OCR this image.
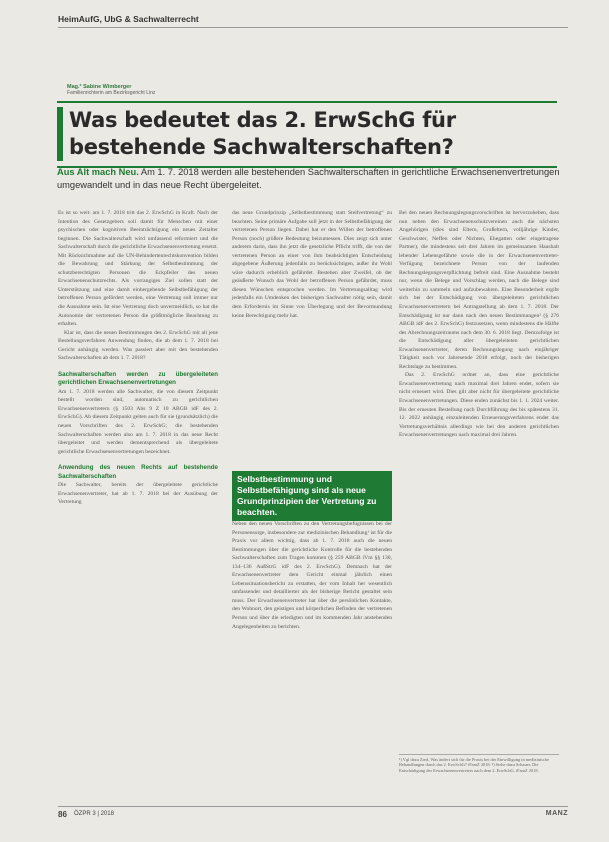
HeimAufG, UbG & Sachwalterrecht
Mag.ª Sabine Wimberger
Familienrichterin am Bezirksgericht Linz
Was bedeutet das 2. ErwSchG für bestehende Sachwalterschaften?
Aus Alt mach Neu. Am 1. 7. 2018 werden alle bestehenden Sachwalterschaften in gerichtliche Erwachsenenvertretungen umgewandelt und in das neue Recht übergeleitet.

Es ist so weit: am 1. 7. 2018 tritt das 2. ErwSchG in Kraft. Nach der Intention des Gesetzgebers soll damit für Menschen mit einer psychischen oder kognitiven Beeinträchtigung ein neues Zeitalter beginnen. Die Sachwalterschaft wird umfassend reformiert und die Sachwalterschaft durch die gerichtliche Erwachsenenvertretung ersetzt. Mit Rücksichtnahme auf die UN-Behindertenrechtskonvention bilden die Bewahrung und Stärkung der Selbstbestimmung der schutzberechtigten Personen die Eckpfeiler des neuen Erwachsenenschutzrechts. Als vorrangiges Ziel sollen statt der Unterstützung und eine damit einhergehende Selbstbefähigung der betroffenen Person gefördert werden, eine Vertretung soll immer nur die Ausnahme sein. Ist eine Vertretung doch unvermeidlich, so hat die Autonomie der vertretenen Person die größtmögliche Beachtung zu erhalten.

Klar ist, dass die neuen Bestimmungen des 2. ErwSchG mit all jene Bestellungsverfahren Anwendung finden, die ab dem 1. 7. 2018 bei Gericht anhängig werden. Was passiert aber mit den bestehenden Sachwalterschaften ab dem 1. 7. 2018?

Sachwalterschaften werden zu übergeleiteten gerichtlichen Erwachsenenvertretungen

Am 1. 7. 2018 werden alle Sachwalter, die von diesem Zeitpunkt bestellt worden sind, automatisch zu gerichtlichen Erwachsenenvertretern (§ 1503 Abs 9 Z 10 ABGB idF des 2. ErwSchG). Ab diesem Zeitpunkt gelten auch für sie (grundsätzlich) die neuen Vorschriften des 2. ErwSchG; die bestehenden Sachwalterschaften werden also am 1. 7. 2018 in das neue Recht übergeleitet und werden dementsprechend als übergeleitete gerichtliche Erwachsenenvertretungen bezeichnet.

Anwendung des neuen Rechts auf bestehende Sachwalterschaften

Die Sachwalter, bereits der übergeleitete gerichtliche Erwachsenenvertreter, hat ab 1. 7. 2018 bei der Ausübung der Vertretung

das neue Grundprinzip „Selbstbestimmung statt Stellvertretung“ zu beachten. Seine primäre Aufgabe soll jetzt in der Selbstbefähigung der vertretenen Person liegen. Dabei hat er den Willen der betroffenen Person (noch) größere Bedeutung beizumessen. Dies zeigt sich unter anderem darin, dass ihn jetzt die gesetzliche Pflicht trifft, die von der vertretenen Person an einer von ihm beabsichtigten Entscheidung abgegebene Äußerung jedenfalls zu berücksichtigen, außer ihr Wohl wäre dadurch erheblich gefährdet. Bestehen aber Zweifel, ob der geäußerte Wunsch das Wohl der betroffenen Person gefährdet, muss diesen Wünschen entsprochen werden. Im Vertretungsalltag wird jedenfalls ein Umdenken des bisherigen Sachwalter nötig sein, damit dem Erfordernis im Sinne von Überlegung und der Bevormundung keine Berechtigung mehr hat.

Selbstbestimmung und Selbstbefähigung sind als neue Grundprinzipien der Vertretung zu beachten.

Neben den neuen Vorschriften zu den Vertretungsbefugnissen bei der Personensorge, insbesondere zur medizinischen Behandlung¹ ist für die Praxis vor allem wichtig, dass ab 1. 7. 2018 auch die neuen Bestimmungen über die gerichtliche Kontrolle für die bestehenden Sachwalterschaften zum Tragen kommen (§ 259 ABGB iVm §§ 130, 134–136 AußStrG idF des 2. ErwSchG). Demnach hat der Erwachsenenvertreter dem Gericht einmal jährlich einen Lebenssituationsbericht zu erstatten, der vom Inhalt her wesentlich umfassender und detaillierter als der bisherige Bericht gestaltet sein muss. Der Erwachsenenvertreter hat über die persönlichen Kontakte, den Wohnort, den geistigen und körperlichen Befinden der vertretenen Person und über die erledigten und im kommenden Jahr anstehenden Angelegenheiten zu berichten.

Bei den neuen Rechnungslegungsvorschriften ist hervorzuheben, dass nun neben den Erwachsenenschutzvereinen auch die nächsten Angehörigen (dies sind Eltern, Großeltern, volljährige Kinder, Geschwister, Neffen oder Nichten, Ehegatten oder eingetragene Partner), die mindestens seit drei Jahren im gemeinsamen Haushalt lebender Lebensgefährte sowie die in der Erwachsenenvertreter-Verfügung bezeichnete Person von der laufenden Rechnungslegungsverpflichtung befreit sind. Eine Ausnahme besteht nur, wenn die Belege und Vorschlag werden, nach die Belege sind weiterhin zu sammeln und aufzubewahren. Eine Besonderheit ergibt sich bei der Entschädigung von übergeleiteten gerichtlichen Erwachsenenvertretern bei Antragstellung ab dem 1. 7. 2018. Der Entschädigung ist nur dann nach den neuen Bestimmungen² (§ 276 ABGB idF des 2. ErwSchG) festzusetzen, wenn mindestens die Hälfte des Abrechnungszeitraums nach dem 30. 6. 2018 liegt. Demzufolge ist die Entschädigung aller übergeleiteten gerichtlichen Erwachsenenvertreter, deren Rechnungslegung nach einjähriger Tätigkeit noch vor Jahresende 2018 erfolgt, noch der bisherigen Rechtslage zu bestimmen.

Das 2. ErwSchG ordnet an, dass eine gerichtliche Erwachsenenvertretung nach maximal drei Jahren endet, sofern sie nicht erneuert wird. Dies gilt aber nicht für übergeleitete gerichtliche Erwachsenenvertretungen. Diese enden zunächst bis 1. 1. 2024 weiter. Bis der erneuten Bestellung nach Durchführung des bis spätestens 31. 12. 2022 anhängig einzuleitenden Erneuerungsverfahrens endet das Vertretungsverhältnis allerdings wie bei den anderen gerichtlichen Erwachsenenvertretungen nach maximal drei Jahren.

¹) Vgl dazu Zierl, Was ändert sich für die Praxis bei der Einwilligung in medizinische Behandlungen durch das 2. ErwSchG? iFamZ 2018. ²) Siehe dazu Schauer, Die Entschädigung des Erwachsenenvertreters nach dem 2. ErwSchG, iFamZ 2018.
86 ÖZPR 3 | 2018	MANZ
